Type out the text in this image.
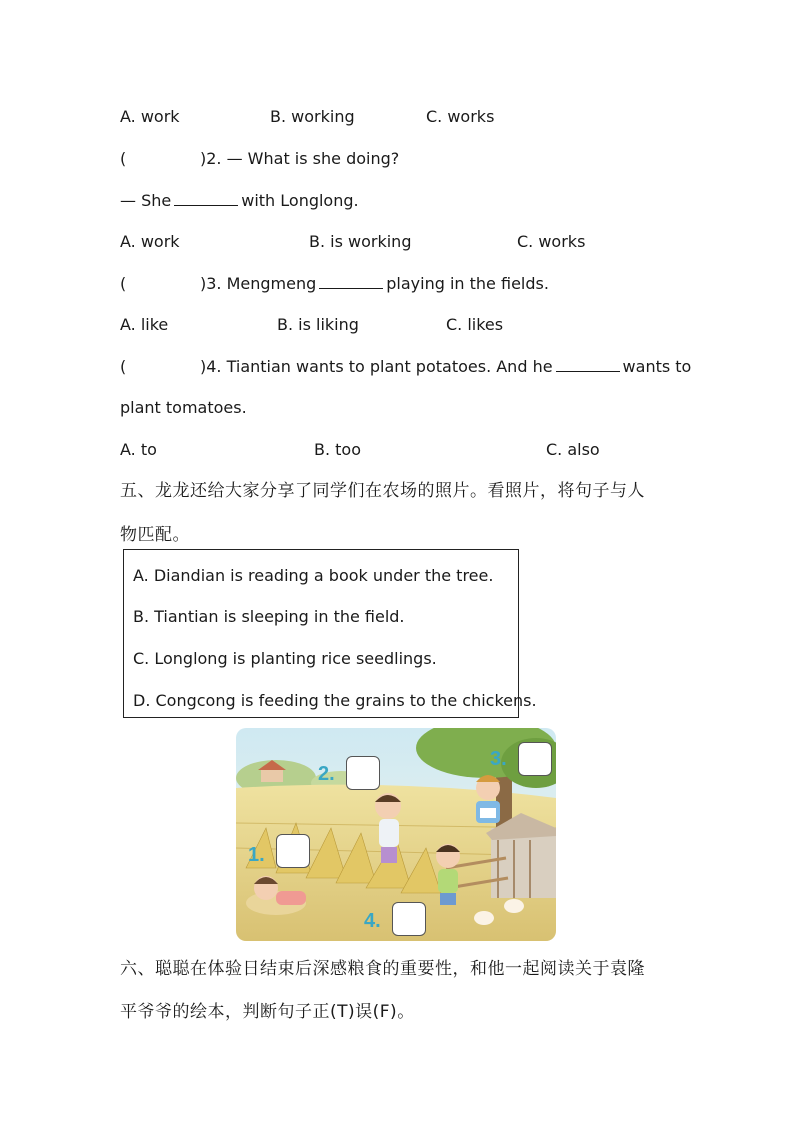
A. work	B. working	C. works
(	)2. — What is she doing?
— She	with Longlong.
A. work	B. is working	C. works
(	)3. Mengmeng	playing in the fields.
A. like	B. is liking	C. likes
(	)4. Tiantian wants to plant potatoes. And he	wants to
plant tomatoes.
A. to	B. too	C. also
五、龙龙还给大家分享了同学们在农场的照片。看照片，将句子与人
物匹配。
A. Diandian is reading a book under the tree.
B. Tiantian is sleeping in the field.
C. Longlong is planting rice seedlings.
D. Congcong is feeding the grains to the chickens.
2.
3.
1.
4.
六、聪聪在体验日结束后深感粮食的重要性，和他一起阅读关于袁隆
平爷爷的绘本，判断句子正(T)误(F)。
